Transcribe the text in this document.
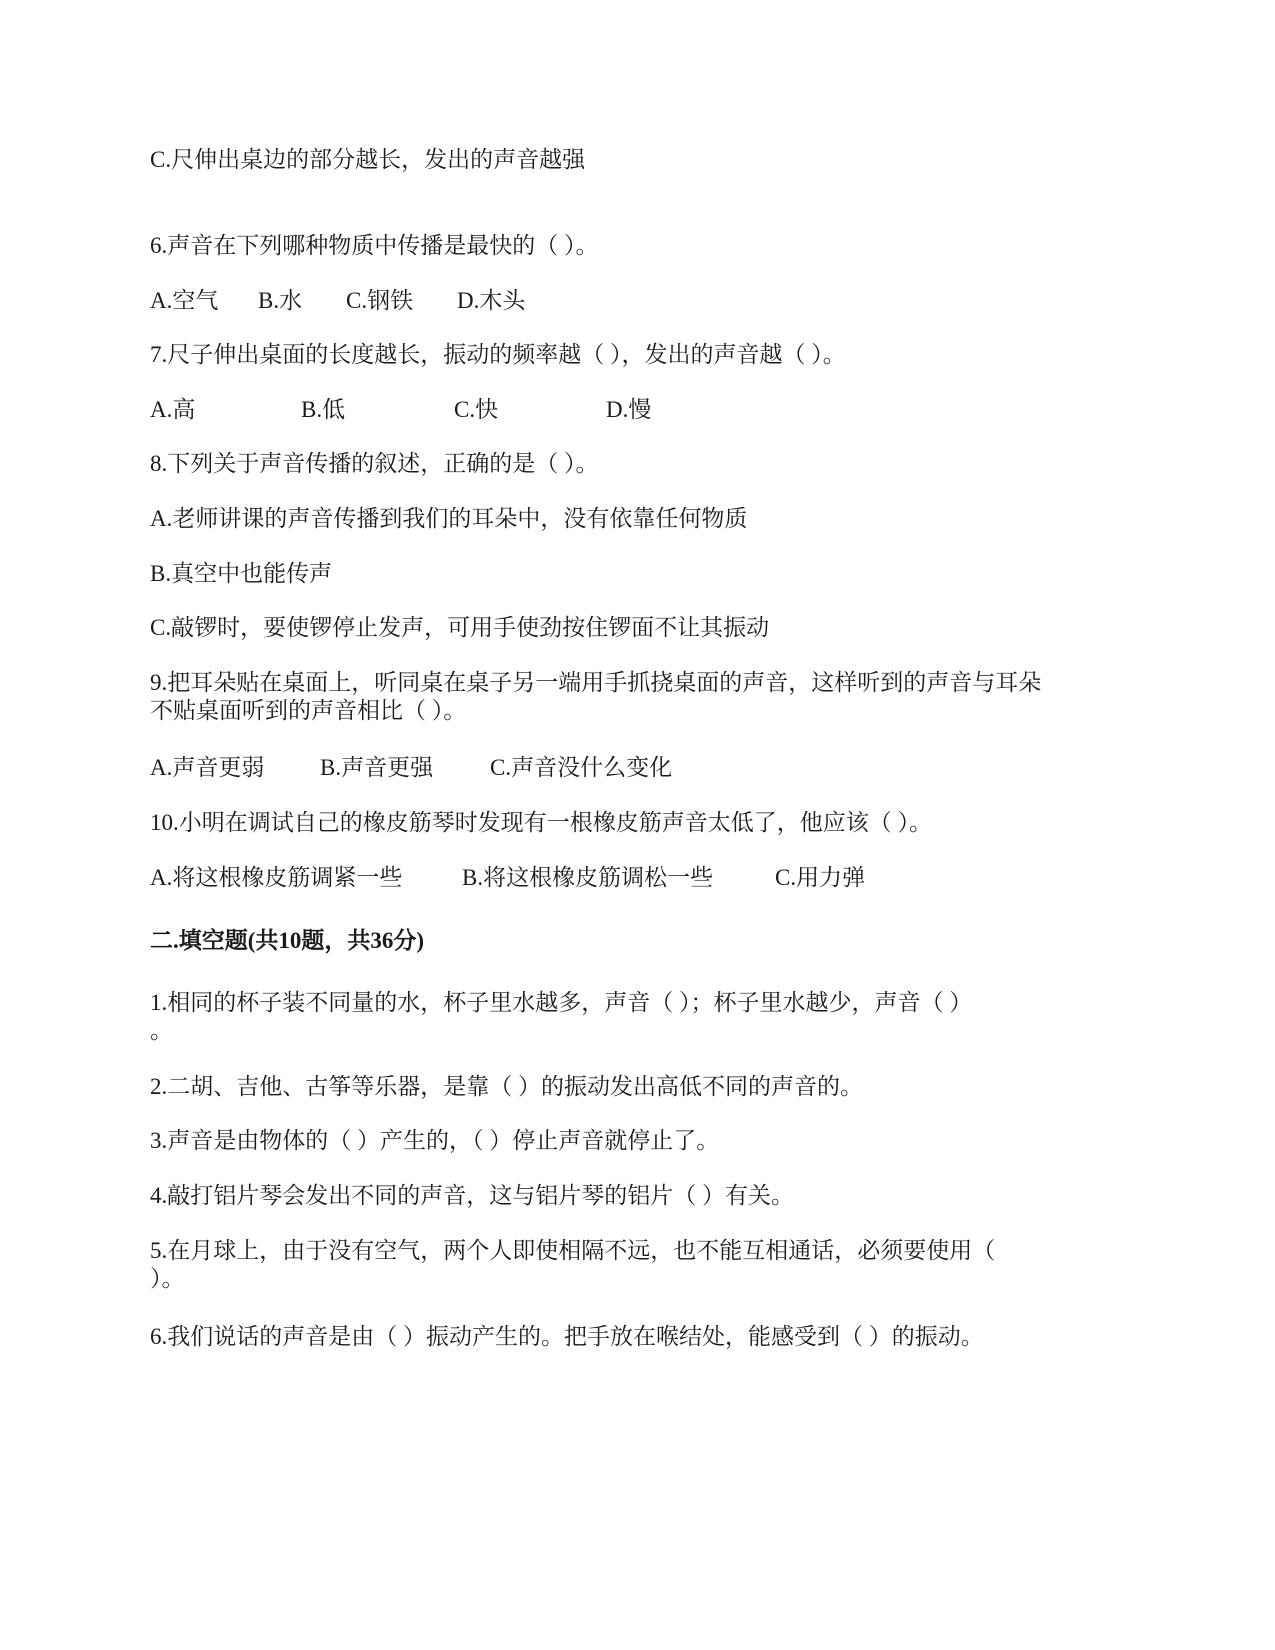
C.尺伸出桌边的部分越长，发出的声音越强
6.声音在下列哪种物质中传播是最快的（ ）。
A.空气 B.水 C.钢铁 D.木头
7.尺子伸出桌面的长度越长，振动的频率越（ ），发出的声音越（ ）。
A.高	B.低	C.快	D.慢
8.下列关于声音传播的叙述，正确的是（ ）。
A.老师讲课的声音传播到我们的耳朵中，没有依靠任何物质
B.真空中也能传声
C.敲锣时，要使锣停止发声，可用手使劲按住锣面不让其振动
9.把耳朵贴在桌面上，听同桌在桌子另一端用手抓挠桌面的声音，这样听到的声音与耳朵
不贴桌面听到的声音相比（ ）。
A.声音更弱 B.声音更强 C.声音没什么变化
10.小明在调试自己的橡皮筋琴时发现有一根橡皮筋声音太低了，他应该（ ）。
A.将这根橡皮筋调紧一些	B.将这根橡皮筋调松一些	C.用力弹
二.填空题(共10题，共36分)
1.相同的杯子装不同量的水，杯子里水越多，声音（ ）；杯子里水越少，声音（ ）
。
2.二胡、吉他、古筝等乐器，是靠（ ）的振动发出高低不同的声音的。
3.声音是由物体的（ ）产生的，（ ）停止声音就停止了。
4.敲打铝片琴会发出不同的声音，这与铝片琴的铝片（ ）有关。
5.在月球上，由于没有空气，两个人即使相隔不远，也不能互相通话，必须要使用（
）。
6.我们说话的声音是由（ ）振动产生的。把手放在喉结处，能感受到（ ）的振动。
